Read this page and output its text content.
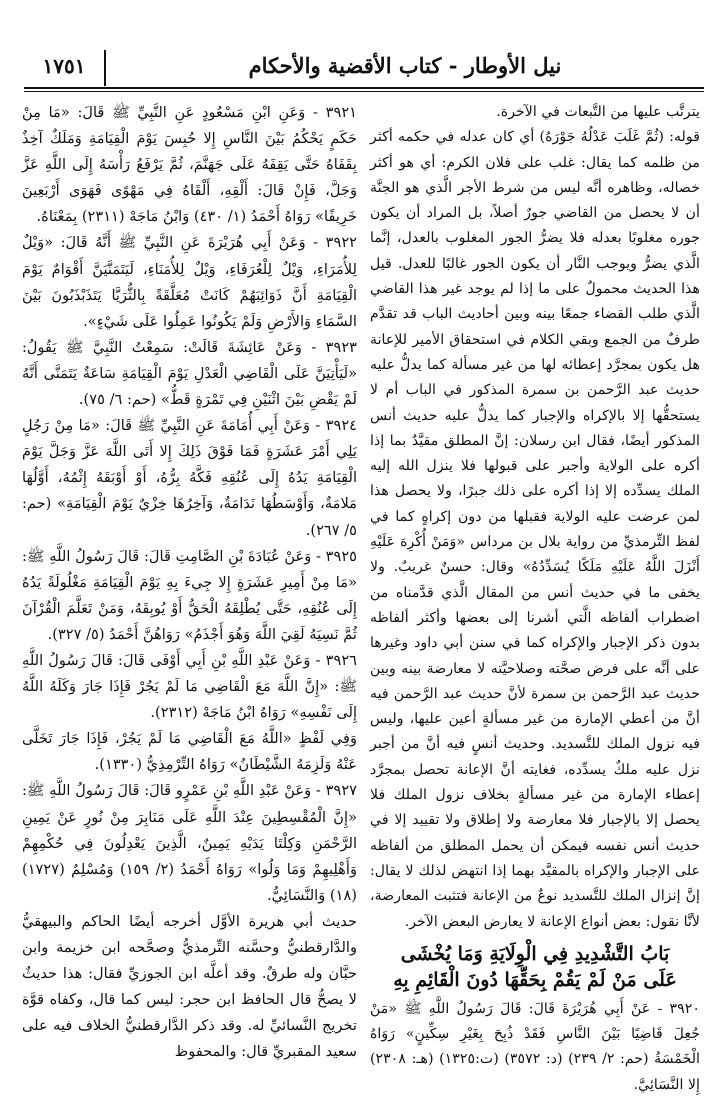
نيل الأوطار - كتاب الأقضية والأحكام
١٧٥١

يترتَّب عليها من التَّبعات في الآخرة.

قوله: (ثُمَّ غَلَبَ عَدْلُهُ جَوْرَهُ) أي كان عدله في حكمه أكثر من ظلمه كما يقال: غلب على فلان الكرم: أي هو أكثر خصاله، وظاهره أنَّه ليس من شرط الأجر الَّذي هو الجنَّة أن لا يحصل من القاضي جورٌ أصلاً، بل المراد أن يكون جوره مغلوبًا بعدله فلا يضرُّ الجور المغلوب بالعدل، إنَّما الَّذي يضرُّ ويوجب النَّار أن يكون الجور غالبًا للعدل. قيل هذا الحديث محمولٌ على ما إذا لم يوجد غير هذا القاضي الَّذي طلب القضاء جمعًا بينه وبين أحاديث الباب قد تقدَّم طرفٌ من الجمع وبقي الكلام في استحقاق الأمير للإعانة هل يكون بمجرَّد إعطائه لها من غير مسألة كما يدلُّ عليه حديث عبد الرَّحمن بن سمرة المذكور في الباب أم لا يستحقُّها إلا بالإكراه والإجبار كما يدلُّ عليه حديث أنس المذكور أيضًا، فقال ابن رسلان: إنَّ المطلق مقيَّدٌ بما إذا أكره على الولاية وأجبر على قبولها فلا ينزل الله إليه الملك يسدِّده إلا إذا أكره على ذلك جبرًا، ولا يحصل هذا لمن عرضت عليه الولاية فقبلها من دون إكراهٍ كما في لفظ التِّرمذيِّ من رواية بلال بن مرداس «وَمَنْ أُكْرِهَ عَلَيْهِ أَنْزَلَ اللَّهُ عَلَيْهِ مَلَكًا يُسَدِّدُهُ» وقال: حسنٌ غريبٌ. ولا يخفى ما في حديث أنس من المقال الَّذي قدَّمناه من اضطراب ألفاظه الَّتي أشرنا إلى بعضها وأكثر ألفاظه بدون ذكر الإجبار والإكراه كما في سنن أبي داود وغيرها على أنَّه على فرض صحَّته وصلاحيَّته لا معارضة بينه وبين حديث عبد الرَّحمن بن سمرة لأنَّ حديث عبد الرَّحمن فيه أنَّ من أعطي الإمارة من غير مسألةٍ أعين عليها، وليس فيه نزول الملك للتَّسديد. وحديث أنسٍ فيه أنَّ من أجبر نزل عليه ملكٌ يسدِّده، فغايته أنَّ الإعانة تحصل بمجرَّد إعطاء الإمارة من غير مسألةٍ بخلاف نزول الملك فلا يحصل إلا بالإجبار فلا معارضة ولا إطلاق ولا تقييد إلا في حديث أنس نفسه فيمكن أن يحمل المطلق من ألفاظه على الإجبار والإكراه بالمقيَّد بهما إذا انتهض لذلك لا يقال: إنَّ إنزال الملك للتَّسديد نوعٌ من الإعانة فتثبت المعارضة، لأنَّا نقول: بعض أنواع الإعانة لا يعارض البعض الآخر.

بَابُ التَّشْدِيدِ فِي الْوِلَايَةِ وَمَا يُخْشَى
عَلَى مَنْ لَمْ يَقُمْ بِحَقِّهَا دُونَ الْقَائِمِ بِهِ

٣٩٢٠ - عَنْ أَبِي هُرَيْرَةَ قَالَ: قَالَ رَسُولُ اللَّهِ ﷺ «مَنْ جُعِلَ قَاضِيًا بَيْنَ النَّاسِ فَقَدْ ذُبِحَ بِغَيْرِ سِكِّينٍ» رَوَاهُ الْخَمْسَةُ (حم: ٢/ ٢٣٩) (د: ٣٥٧٢) (ت:١٣٢٥) (هـ: ٢٣٠٨) إِلا النَّسَائِيَّ.

٣٩٢١ - وَعَنِ ابْنِ مَسْعُودٍ عَنِ النَّبِيِّ ﷺ قَالَ: «مَا مِنْ حَكَمٍ يَحْكُمُ بَيْنَ النَّاسِ إِلا حُبِسَ يَوْمَ الْقِيَامَةِ وَمَلَكٌ آخِذٌ بِقَفَاهُ حَتَّى يَقِفَهُ عَلَى جَهَنَّمَ، ثُمَّ يَرْفَعُ رَأْسَهُ إِلَى اللَّهِ عَزَّ وَجَلَّ، فَإِنْ قَالَ: أَلْقِهِ، أَلْقَاهُ فِي مَهْوًى فَهَوَى أَرْبَعِينَ خَرِيفًا» رَوَاهُ أَحْمَدُ (١/ ٤٣٠) وَابْنُ مَاجَهْ (٢٣١١) بِمَعْنَاهُ.

٣٩٢٢ - وَعَنْ أَبِي هُرَيْرَةَ عَنِ النَّبِيِّ ﷺ أَنَّهُ قَالَ: «وَيْلٌ لِلأُمَرَاءِ، وَيْلٌ لِلْعُرَفَاءِ، وَيْلٌ لِلأُمَنَاءِ، لَيَتَمَنَّيَنَّ أَقْوَامٌ يَوْمَ الْقِيَامَةِ أَنَّ ذَوَائِبَهُمْ كَانَتْ مُعَلَّقَةً بِالثُّرَيَّا يَتَذَبْذَبُونَ بَيْنَ السَّمَاءِ وَالأَرْضِ وَلَمْ يَكُونُوا عَمِلُوا عَلَى شَيْءٍ».

٣٩٢٣ - وَعَنْ عَائِشَةَ قَالَتْ: سَمِعْتُ النَّبِيَّ ﷺ يَقُولُ: «لَيَأْتِيَنَّ عَلَى الْقَاضِي الْعَدْلِ يَوْمَ الْقِيَامَةِ سَاعَةٌ يَتَمَنَّى أَنَّهُ لَمْ يَقْضِ بَيْنَ اثْنَيْنِ فِي تَمْرَةٍ قَطُّ» (حم: ٦/ ٧٥).

٣٩٢٤ - وَعَنْ أَبِي أُمَامَةَ عَنِ النَّبِيِّ ﷺ قَالَ: «مَا مِنْ رَجُلٍ يَلِي أَمْرَ عَشَرَةٍ فَمَا فَوْقَ ذَلِكَ إِلا أَتَى اللَّهَ عَزَّ وَجَلَّ يَوْمَ الْقِيَامَةِ يَدُهُ إِلَى عُنُقِهِ فَكَّهُ بِرُّهُ، أَوْ أَوْبَقَهُ إِثْمُهُ، أَوَّلُهَا مَلامَةٌ، وَأَوْسَطُهَا نَدَامَةٌ، وَآخِرُهَا خِزْيٌ يَوْمَ الْقِيَامَةِ» (حم: ٥/ ٢٦٧).

٣٩٢٥ - وَعَنْ عُبَادَةَ بْنِ الصَّامِتِ قَالَ: قَالَ رَسُولُ اللَّهِ ﷺ: «مَا مِنْ أَمِيرِ عَشَرَةٍ إِلا جِيءَ بِهِ يَوْمَ الْقِيَامَةِ مَغْلُولَةً يَدُهُ إِلَى عُنُقِهِ، حَتَّى يُطْلِقَهُ الْحَقُّ أَوْ يُوبِقَهُ، وَمَنْ تَعَلَّمَ الْقُرْآنَ ثُمَّ نَسِيَهُ لَقِيَ اللَّهَ وَهُوَ أَجْذَمُ» رَوَاهُنَّ أَحْمَدُ (٥/ ٣٢٧).

٣٩٢٦ - وَعَنْ عَبْدِ اللَّهِ بْنِ أَبِي أَوْفَى قَالَ: قَالَ رَسُولُ اللَّهِ ﷺ: «إِنَّ اللَّهَ مَعَ الْقَاضِي مَا لَمْ يَجُرْ فَإِذَا جَارَ وَكَلَهُ اللَّهُ إِلَى نَفْسِهِ» رَوَاهُ ابْنُ مَاجَهْ (٢٣١٢).

وَفِي لَفْظٍ «اللَّهُ مَعَ الْقَاضِي مَا لَمْ يَجُرْ، فَإِذَا جَارَ تَخَلَّى عَنْهُ وَلَزِمَهُ الشَّيْطَانُ» رَوَاهُ التِّرْمِذِيُّ (١٣٣٠).

٣٩٢٧ - وَعَنْ عَبْدِ اللَّهِ بْنِ عَمْرٍو قَالَ: قَالَ رَسُولُ اللَّهِ ﷺ: «إِنَّ الْمُقْسِطِينَ عِنْدَ اللَّهِ عَلَى مَنَابِرَ مِنْ نُورٍ عَنْ يَمِينِ الرَّحْمَنِ وَكِلْتَا يَدَيْهِ يَمِينٌ، الَّذِينَ يَعْدِلُونَ فِي حُكْمِهِمْ وَأَهْلِيهِمْ وَمَا وَلُوا» رَوَاهُ أَحْمَدُ (٢/ ١٥٩) وَمُسْلِمٌ (١٧٢٧) (١٨) وَالنَّسَائِيُّ.

حديث أبي هريرة الأوَّل أخرجه أيضًا الحاكم والبيهقيُّ والدَّارقطنيُّ وحسَّنه التِّرمذيُّ وصحَّحه ابن خزيمة وابن حبَّان وله طرقٌ. وقد أعلَّه ابن الجوزيِّ فقال: هذا حديثٌ لا يصحُّ قال الحافظ ابن حجر: ليس كما قال، وكفاه قوَّة تخريج النَّسائيِّ له. وقد ذكر الدَّارقطنيُّ الخلاف فيه على سعيد المقبريِّ قال: والمحفوظ
